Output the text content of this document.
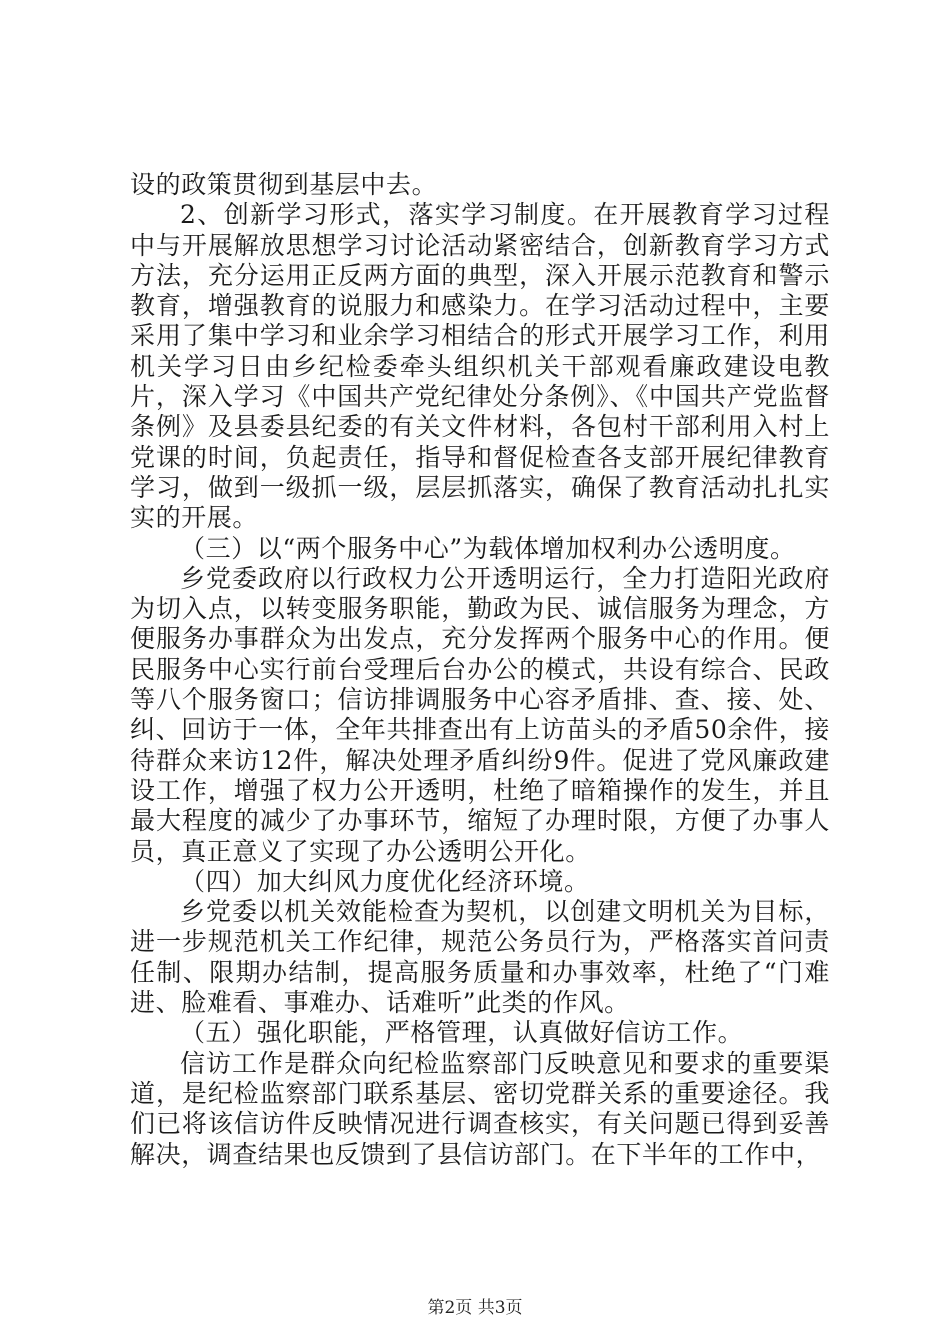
设的政策贯彻到基层中去。

2、创新学习形式，落实学习制度。在开展教育学习过程中与开展解放思想学习讨论活动紧密结合，创新教育学习方式方法，充分运用正反两方面的典型，深入开展示范教育和警示教育，增强教育的说服力和感染力。在学习活动过程中，主要采用了集中学习和业余学习相结合的形式开展学习工作，利用机关学习日由乡纪检委牵头组织机关干部观看廉政建设电教片，深入学习《中国共产党纪律处分条例》、《中国共产党监督条例》及县委县纪委的有关文件材料，各包村干部利用入村上党课的时间，负起责任，指导和督促检查各支部开展纪律教育学习，做到一级抓一级，层层抓落实，确保了教育活动扎扎实实的开展。

（三）以“两个服务中心”为载体增加权利办公透明度。

乡党委政府以行政权力公开透明运行，全力打造阳光政府为切入点，以转变服务职能，勤政为民、诚信服务为理念，方便服务办事群众为出发点，充分发挥两个服务中心的作用。便民服务中心实行前台受理后台办公的模式，共设有综合、民政等八个服务窗口；信访排调服务中心容矛盾排、查、接、处、纠、回访于一体，全年共排查出有上访苗头的矛盾50余件，接待群众来访12件，解决处理矛盾纠纷9件。促进了党风廉政建设工作，增强了权力公开透明，杜绝了暗箱操作的发生，并且最大程度的减少了办事环节，缩短了办理时限，方便了办事人员，真正意义了实现了办公透明公开化。

（四）加大纠风力度优化经济环境。

乡党委以机关效能检查为契机，以创建文明机关为目标，进一步规范机关工作纪律，规范公务员行为，严格落实首问责任制、限期办结制，提高服务质量和办事效率，杜绝了“门难进、脸难看、事难办、话难听”此类的作风。

（五）强化职能，严格管理，认真做好信访工作。

信访工作是群众向纪检监察部门反映意见和要求的重要渠道，是纪检监察部门联系基层、密切党群关系的重要途径。我们已将该信访件反映情况进行调查核实，有关问题已得到妥善解决，调查结果也反馈到了县信访部门。在下半年的工作中，

第2页 共3页
